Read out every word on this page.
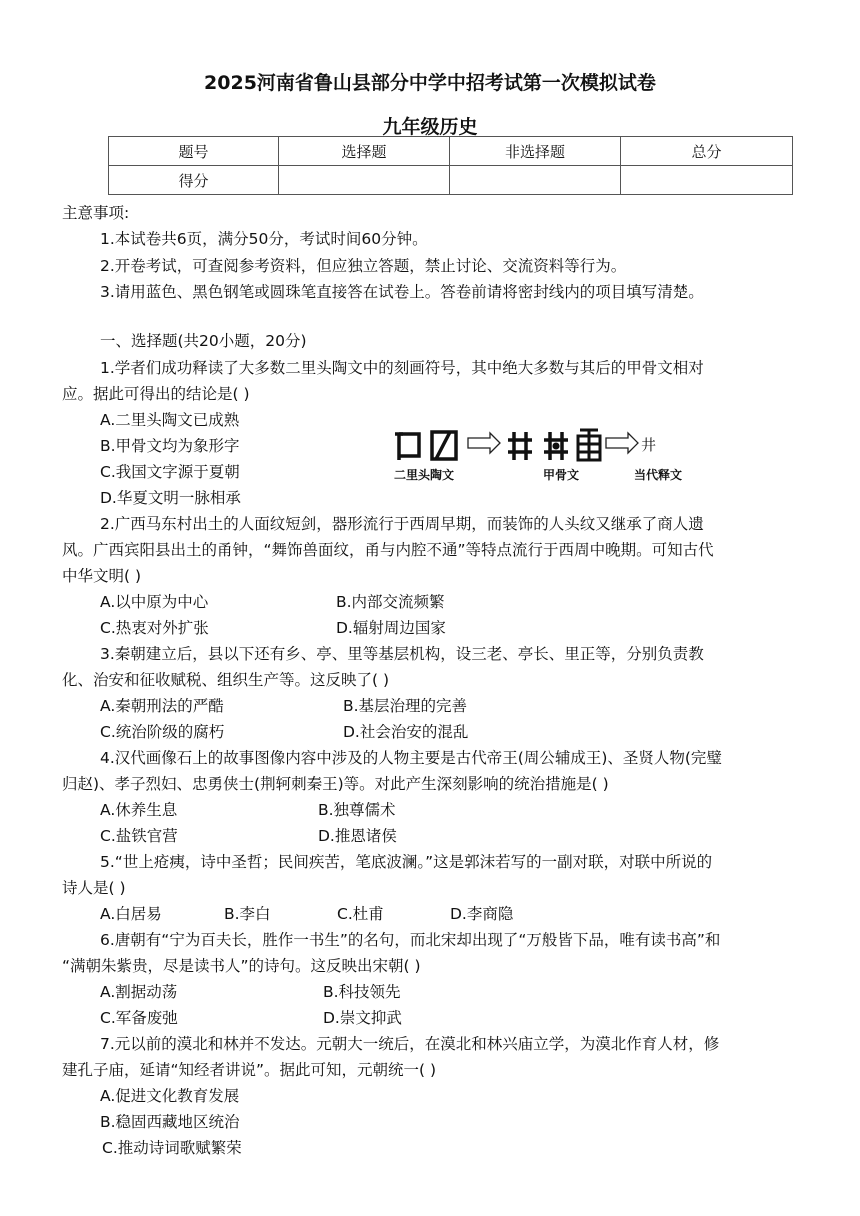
2025河南省鲁山县部分中学中招考试第一次模拟试卷
九年级历史
题号	选择题	非选择题	总分
得分			
主意事项:
1.本试卷共6页，满分50分，考试时间60分钟。
2.开卷考试，可查阅参考资料，但应独立答题，禁止讨论、交流资料等行为。
3.请用蓝色、黑色钢笔或圆珠笔直接答在试卷上。答卷前请将密封线内的项目填写清楚。
一、选择题(共20小题，20分)
1.学者们成功释读了大多数二里头陶文中的刻画符号，其中绝大多数与其后的甲骨文相对
应。据此可得出的结论是( )
A.二里头陶文已成熟
B.甲骨文均为象形字
C.我国文字源于夏朝
D.华夏文明一脉相承
井
二里头陶文	甲骨文	当代释文
2.广西马东村出土的人面纹短剑，器形流行于西周早期，而装饰的人头纹又继承了商人遗
风。广西宾阳县出土的甬钟，“舞饰兽面纹，甬与内腔不通”等特点流行于西周中晚期。可知古代
中华文明( )
A.以中原为中心	B.内部交流频繁
C.热衷对外扩张	D.辐射周边国家
3.秦朝建立后，县以下还有乡、亭、里等基层机构，设三老、亭长、里正等，分别负责教
化、治安和征收赋税、组织生产等。这反映了( )
A.秦朝刑法的严酷	B.基层治理的完善
C.统治阶级的腐朽	D.社会治安的混乱
4.汉代画像石上的故事图像内容中涉及的人物主要是古代帝王(周公辅成王)、圣贤人物(完璧
归赵)、孝子烈妇、忠勇侠士(荆轲刺秦王)等。对此产生深刻影响的统治措施是( )
A.休养生息	B.独尊儒术
C.盐铁官营	D.推恩诸侯
5.“世上疮痍，诗中圣哲；民间疾苦，笔底波澜。”这是郭沫若写的一副对联，对联中所说的
诗人是( )
A.白居易	B.李白	C.杜甫	D.李商隐
6.唐朝有“宁为百夫长，胜作一书生”的名句，而北宋却出现了“万般皆下品，唯有读书高”和
“满朝朱紫贵，尽是读书人”的诗句。这反映出宋朝( )
A.割据动荡	B.科技领先
C.军备废弛	D.崇文抑武
7.元以前的漠北和林并不发达。元朝大一统后，在漠北和林兴庙立学，为漠北作育人材，修
建孔子庙，延请“知经者讲说”。据此可知，元朝统一( )
A.促进文化教育发展
B.稳固西藏地区统治
C.推动诗词歌赋繁荣
